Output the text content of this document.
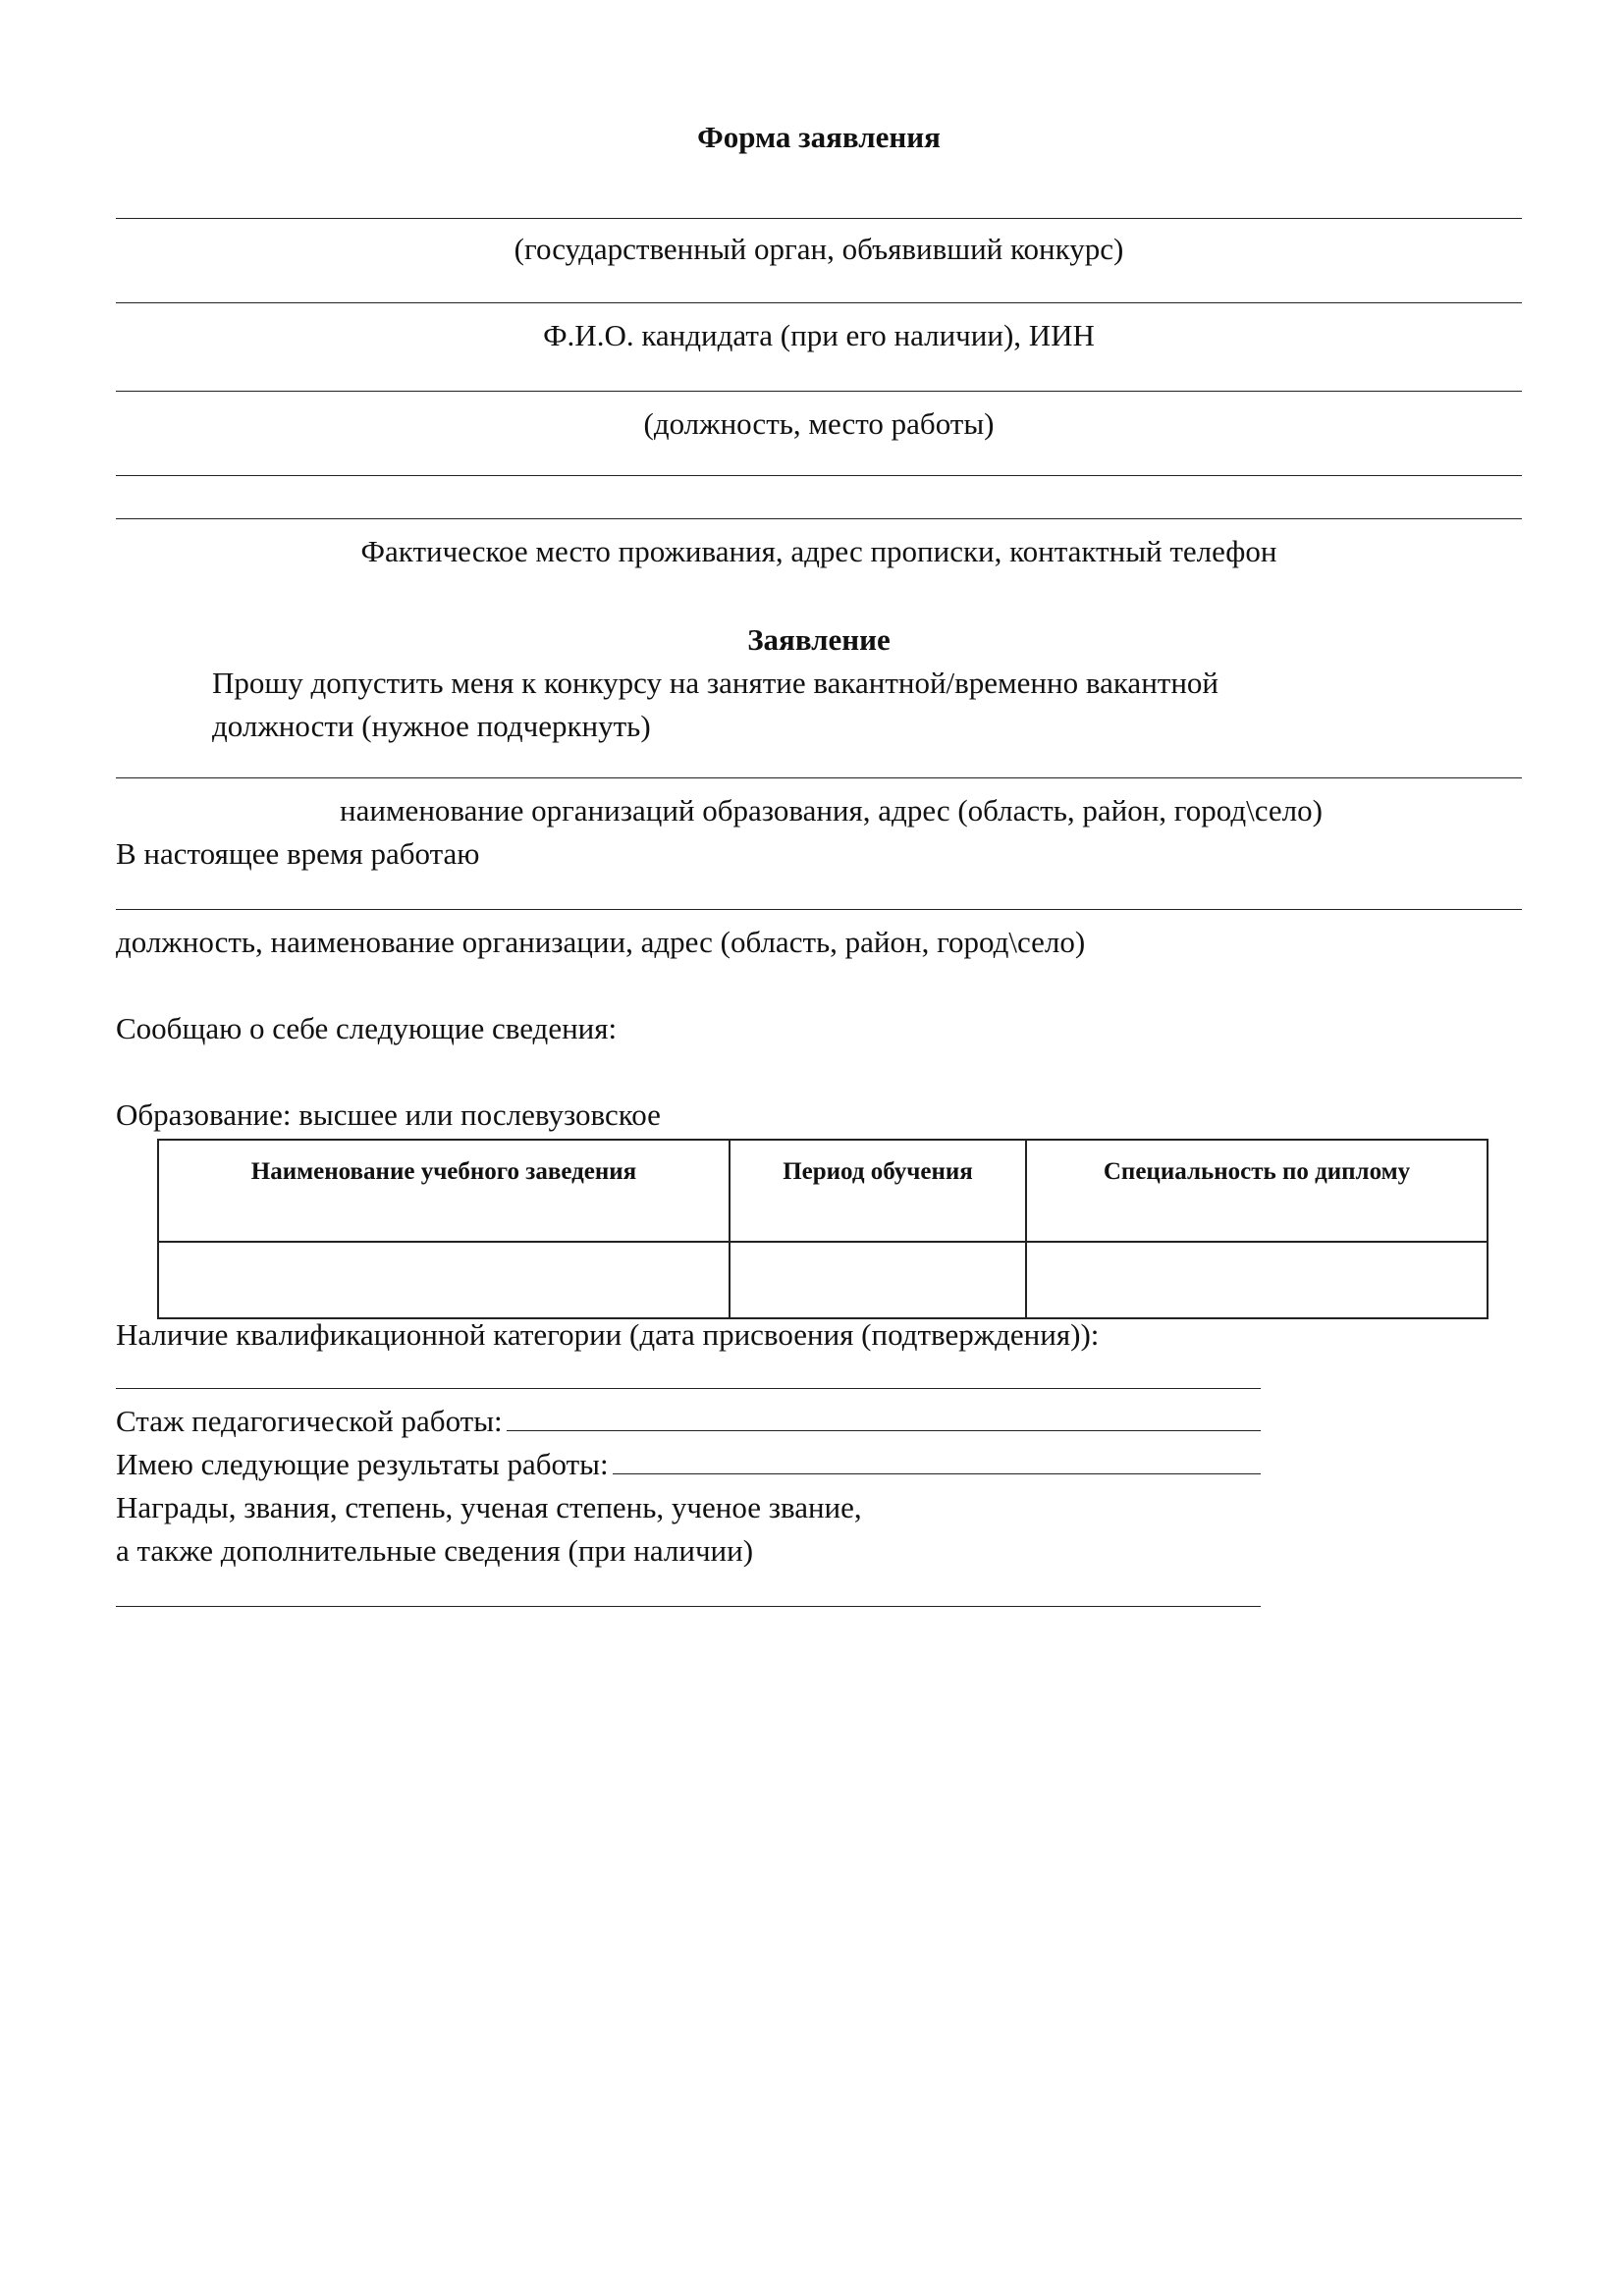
Форма заявления
(государственный орган, объявивший конкурс)
Ф.И.О. кандидата (при его наличии), ИИН
(должность, место работы)
Фактическое место проживания, адрес прописки, контактный телефон
Заявление
Прошу допустить меня к конкурсу на занятие вакантной/временно вакантной
должности (нужное подчеркнуть)
наименование организаций образования, адрес (область, район, город\село)
В настоящее время работаю
должность, наименование организации, адрес (область, район, город\село)
Сообщаю о себе следующие сведения:
Образование: высшее или послевузовское
Наименование учебного заведения	Период обучения	Специальность по диплому

Наличие квалификационной категории (дата присвоения (подтверждения)):
Стаж педагогической работы:
Имею следующие результаты работы:
Награды, звания, степень, ученая степень, ученое звание,
а также дополнительные сведения (при наличии)
